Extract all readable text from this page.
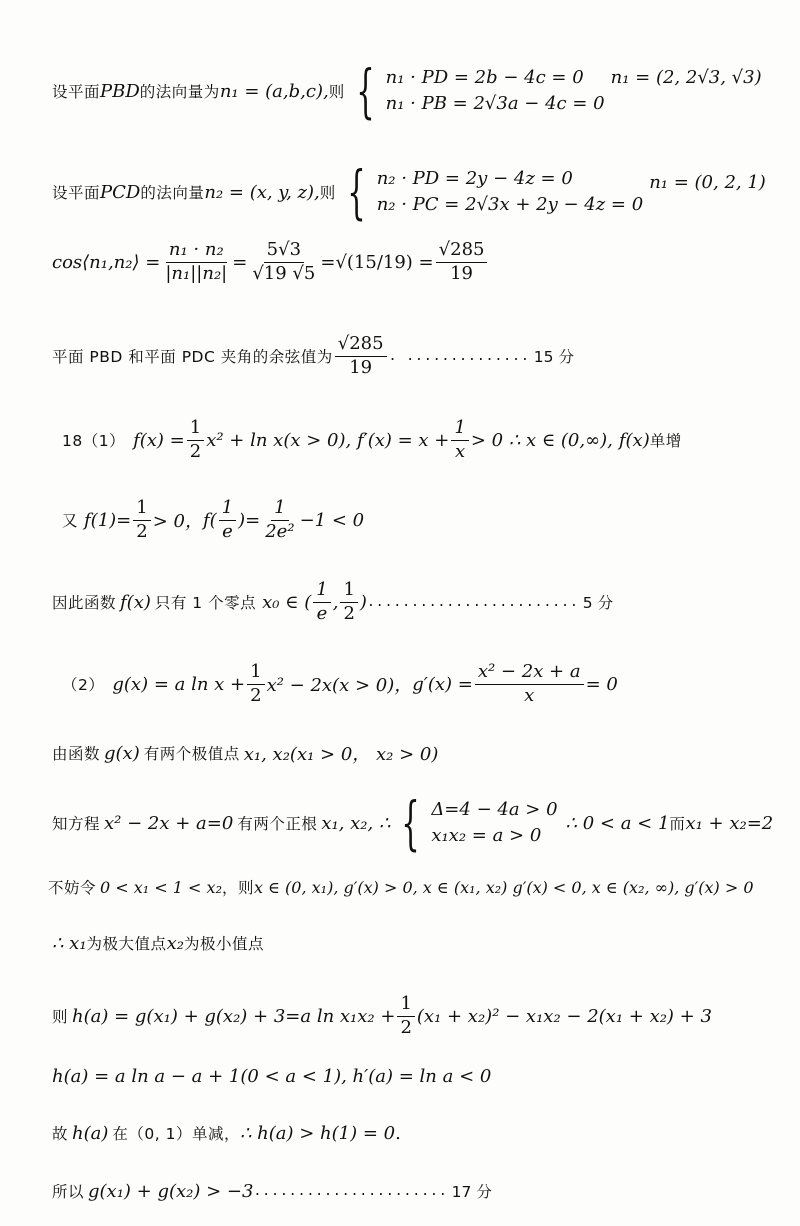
设平面 PBD 的法向量为 n₁ = (a,b,c), 则 { n₁ · PD = 2b − 4c = 0
n₁ · PB = 2√3a − 4c = 0
n₁ = (2, 2√3, √3)
设平面 PCD 的法向量 n₂ = (x, y, z), 则 { n₂ · PD = 2y − 4z = 0
n₂ · PC = 2√3x + 2y − 4z = 0
n₁ = (0, 2, 1)
cos⟨n₁,n₂⟩ = $\frac{\text{n₁ · n₂}}{\text{|n₁||n₂|}} = \frac{5√3}{√19 √5} = √(15/19) = \frac{√285}{19}$
平面 PBD 和平面 PDC 夹角的余弦值为 $\frac{√285}{19}$ . .............. 15 分
18（1） $f(x) = \frac{1}{2} x^2 + \ln x(x > 0)$, $f'(x) = x + \frac{1}{x} > 0$ ∴ x ∈ (0,∞), f(x) 单增
又 $f(1)= \frac{1}{2} > 0$， $f( \frac{1}{e}$ )= $\frac{1}{\text{2e²}} -1 < 0$
因此函数 f(x) 只有 1 个零点 x₀ ∈ ( $\frac{1}{e}$ , $\frac{1}{2}$ ) ........................ 5 分
（2） g(x) = a $\ln x + \frac{1}{2} x^2 - 2x(x > 0)$， $g'(x) = \frac{\text{x² − 2x + a}}{x} = 0$
由函数 g(x) 有两个极值点 x₁, x₂(x₁ > 0， x₂ > 0)
知方程 x² − 2x + a=0 有两个正根 x₁, x₂, ∴ { Δ=4 − 4a > 0
x₁x₂ = a > 0
∴ 0 < a < 1 而 x₁ + x₂=2
不妨令 0 < x₁ < 1 < x₂ ，则 x ∈ (0, x₁), g′(x) > 0, x ∈ (x₁, x₂) g′(x) < 0, x ∈ (x₂, ∞), g′(x) > 0
∴ x₁ 为极大值点 x₂ 为极小值点
则 h(a) = g(x₁) + g(x₂) + 3=a $\ln x_1x_2 + \frac{1}{2} (x_1 + x_2)^2 - x_1x_2 - 2(x_1 + x_2) + 3$
h(a) = a ln a − a + 1(0 < a < 1), h′(a) = ln a < 0
故 h(a) 在（0, 1）单减， ∴ h(a) > h(1) = 0 .
所以 g(x₁) + g(x₂) > −3 ...................... 17 分
